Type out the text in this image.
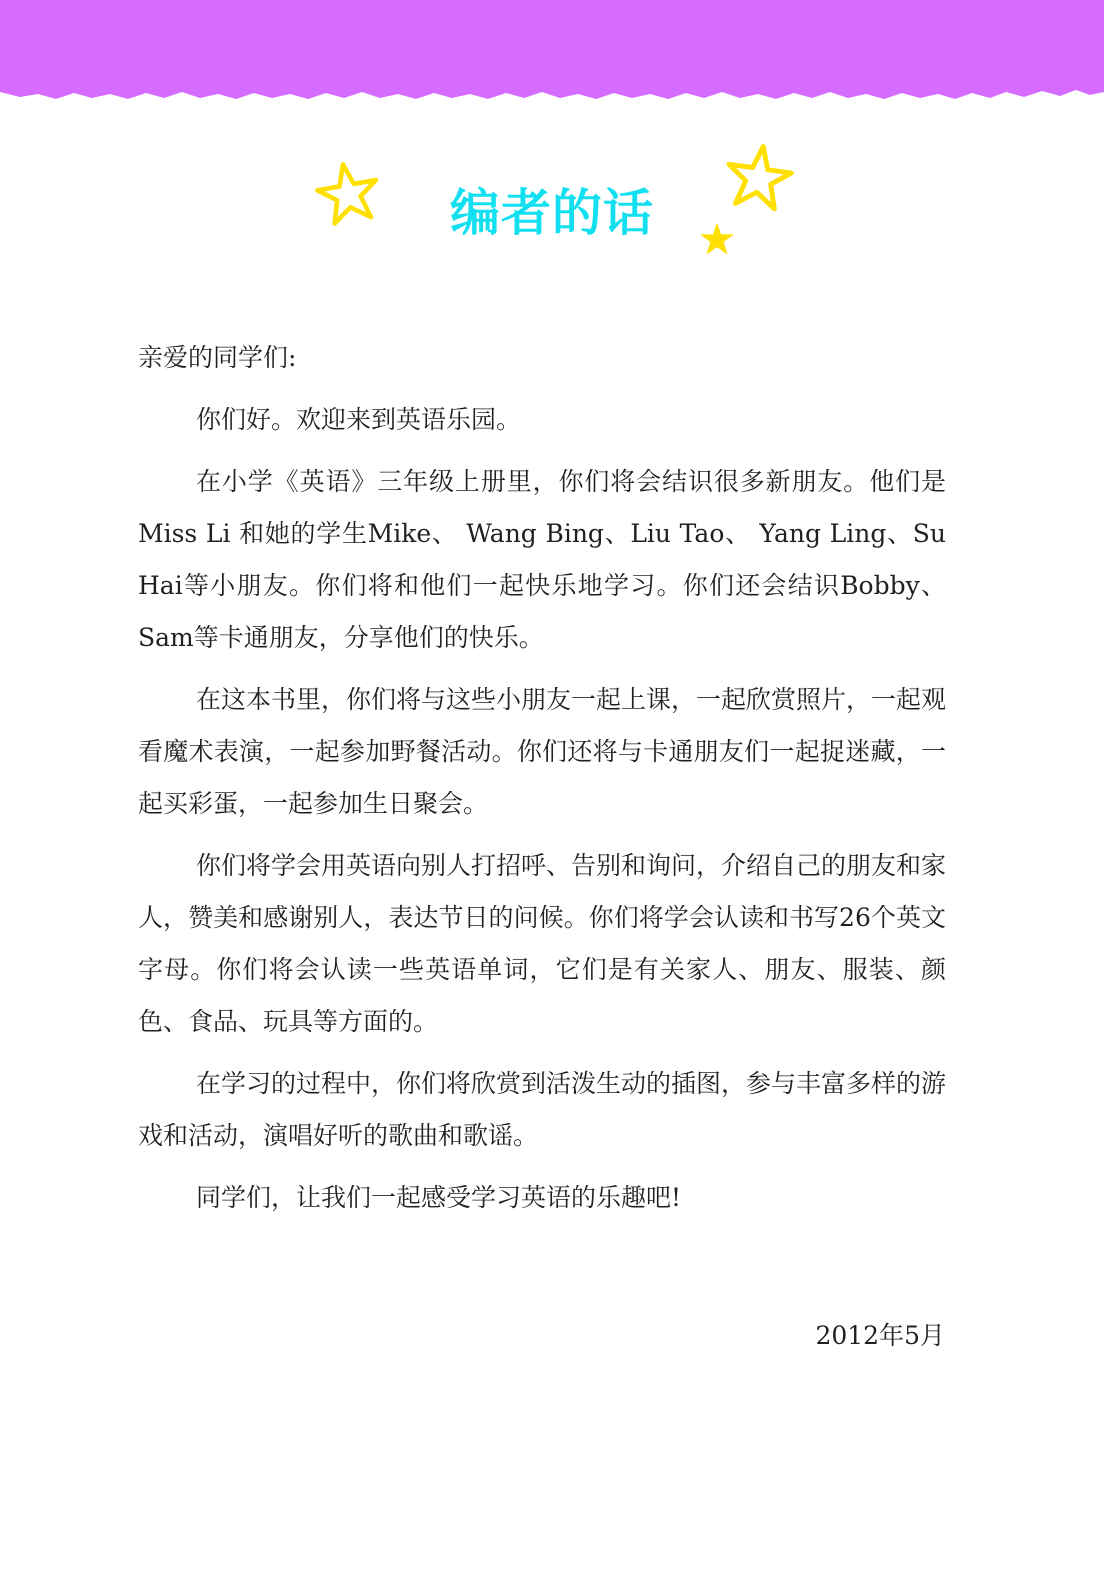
编者的话

亲爱的同学们:

你们好。欢迎来到英语乐园。

在小学《英语》三年级上册里，你们将会结识很多新朋友。他们是Miss Li 和她的学生Mike、 Wang Bing、Liu Tao、 Yang Ling、Su Hai等小朋友。你们将和他们一起快乐地学习。你们还会结识Bobby、Sam等卡通朋友，分享他们的快乐。

在这本书里，你们将与这些小朋友一起上课，一起欣赏照片，一起观看魔术表演，一起参加野餐活动。你们还将与卡通朋友们一起捉迷藏，一起买彩蛋，一起参加生日聚会。

你们将学会用英语向别人打招呼、告别和询问，介绍自己的朋友和家人，赞美和感谢别人，表达节日的问候。你们将学会认读和书写26个英文字母。你们将会认读一些英语单词，它们是有关家人、朋友、服装、颜色、食品、玩具等方面的。

在学习的过程中，你们将欣赏到活泼生动的插图，参与丰富多样的游戏和活动，演唱好听的歌曲和歌谣。

同学们，让我们一起感受学习英语的乐趣吧!

2012年5月
